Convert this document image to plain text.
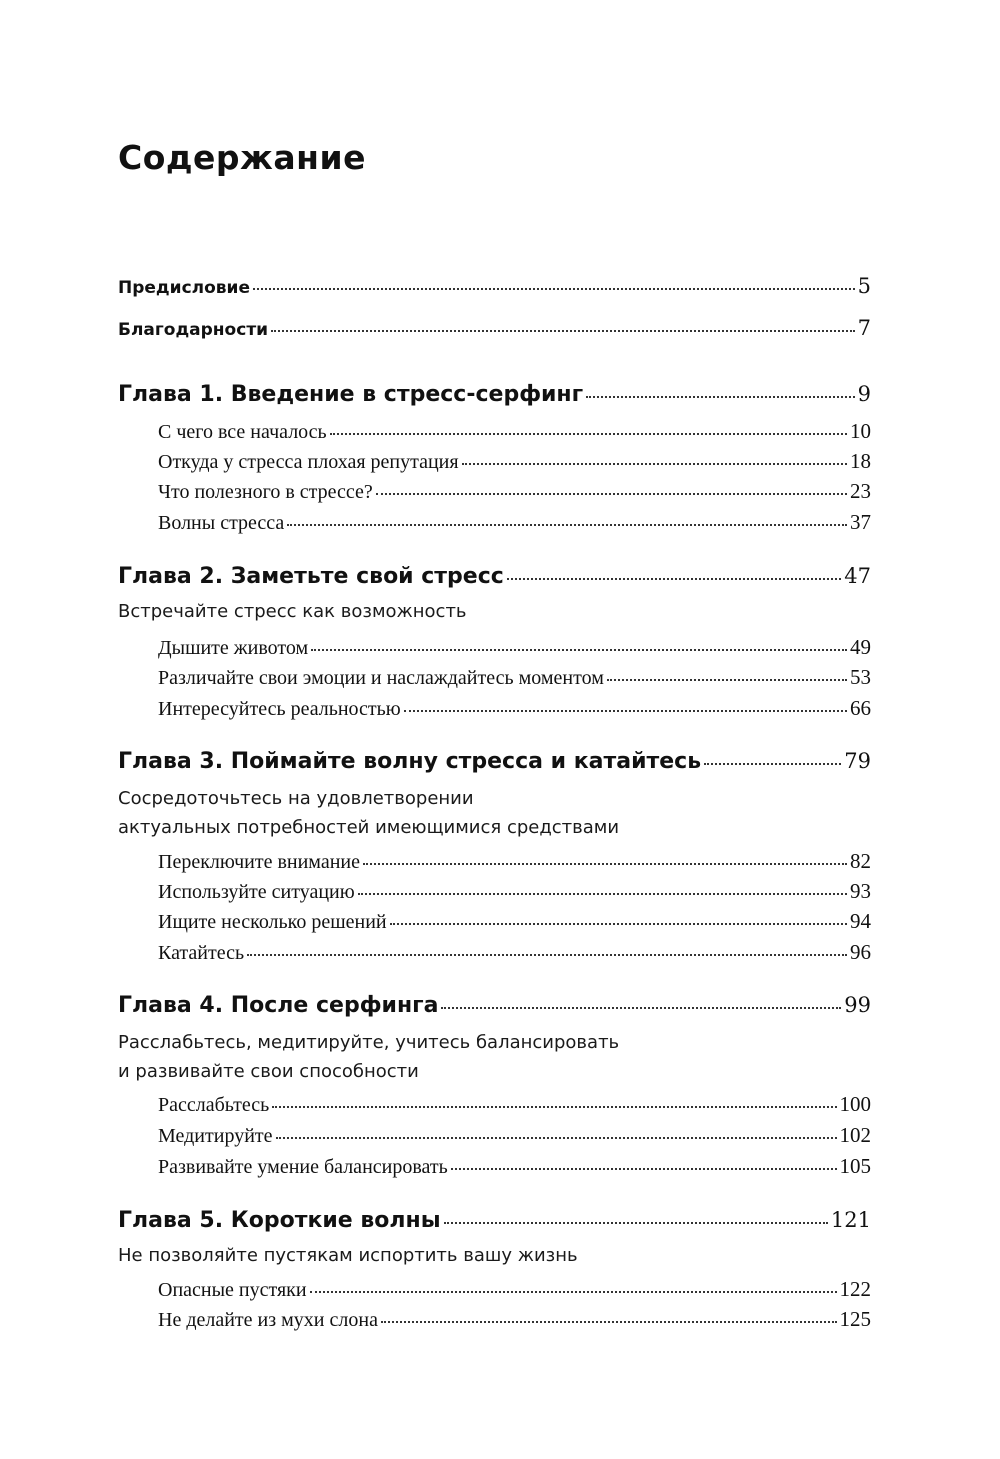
Содержание
Предисловие	5
Благодарности	7
Глава 1. Введение в стресс-серфинг	9
С чего все началось	10
Откуда у стресса плохая репутация	18
Что полезного в стрессе?	23
Волны стресса	37
Глава 2. Заметьте свой стресс	47

Встречайте стресс как возможность

Дышите животом	49
Различайте свои эмоции и наслаждайтесь моментом	53
Интересуйтесь реальностью	66
Глава 3. Поймайте волну стресса и катайтесь	79

Сосредоточьтесь на удовлетворении

актуальных потребностей имеющимися средствами

Переключите внимание	82
Используйте ситуацию	93
Ищите несколько решений	94
Катайтесь	96
Глава 4. После серфинга	99

Расслабьтесь, медитируйте, учитесь балансировать

и развивайте свои способности

Расслабьтесь	100
Медитируйте	102
Развивайте умение балансировать	105
Глава 5. Короткие волны	121

Не позволяйте пустякам испортить вашу жизнь

Опасные пустяки	122
Не делайте из мухи слона	125
